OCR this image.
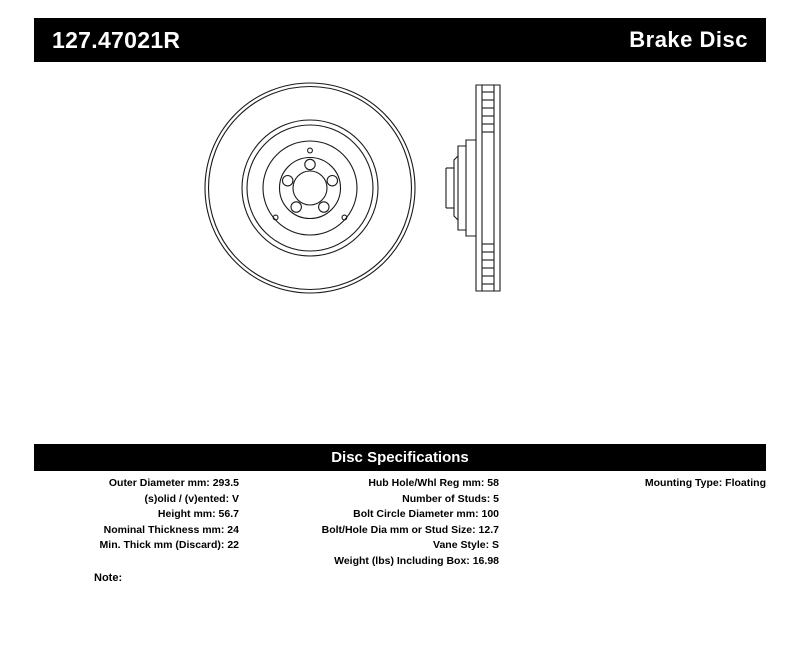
127.47021R	Brake Disc
Disc Specifications
Outer Diameter mm: 293.5
(s)olid / (v)ented: V
Height mm: 56.7
Nominal Thickness mm: 24
Min. Thick mm (Discard): 22
Hub Hole/Whl Reg mm: 58
Number of Studs: 5
Bolt Circle Diameter mm: 100
Bolt/Hole Dia mm or Stud Size: 12.7
Vane Style: S
Weight (lbs) Including Box: 16.98
Mounting Type: Floating
Note:
